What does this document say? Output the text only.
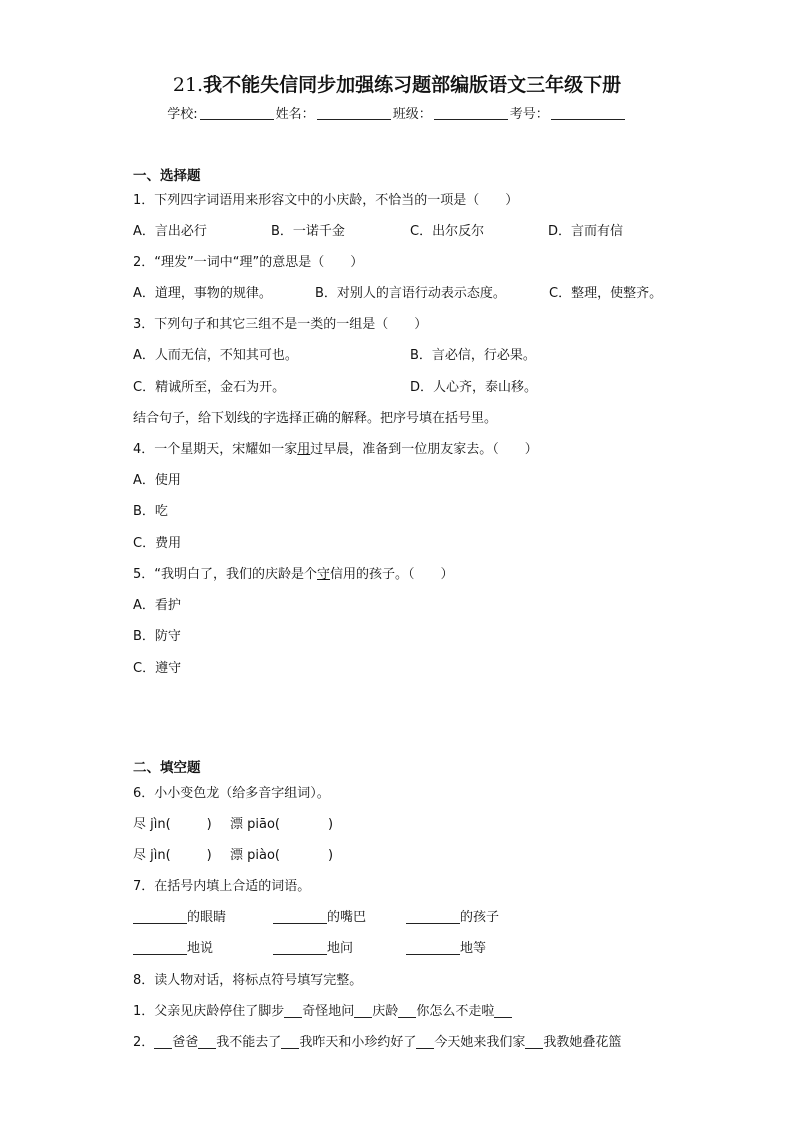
21.我不能失信同步加强练习题部编版语文三年级下册
学校:	姓名：	班级：	考号：
一、选择题
1．下列四字词语用来形容文中的小庆龄，不恰当的一项是（　　）
A．言出必行	B．一诺千金	C．出尔反尔	D．言而有信
2．“理发”一词中“理”的意思是（　　）
A．道理，事物的规律。	B．对别人的言语行动表示态度。	C．整理，使整齐。
3．下列句子和其它三组不是一类的一组是（　　）
A．人而无信，不知其可也。	B．言必信，行必果。
C．精诚所至，金石为开。	D．人心齐，泰山移。
结合句子，给下划线的字选择正确的解释。把序号填在括号里。
4．一个星期天，宋耀如一家用过早晨，准备到一位朋友家去。（　　）
A．使用
B．吃
C．费用
5．“我明白了，我们的庆龄是个守信用的孩子。（　　）
A．看护
B．防守
C．遵守
二、填空题
6．小小变色龙（给多音字组词）。
尽 jìn(	) 漂 piāo(	)
尽 jìn(	) 漂 piào(	)
7．在括号内填上合适的词语。
的眼睛	的嘴巴	的孩子
地说	地问	地等
8．读人物对话，将标点符号填写完整。
1．父亲见庆龄停住了脚步 奇怪地问 庆龄 你怎么不走啦
2． 爸爸 我不能去了 我昨天和小珍约好了 今天她来我们家 我教她叠花篮
